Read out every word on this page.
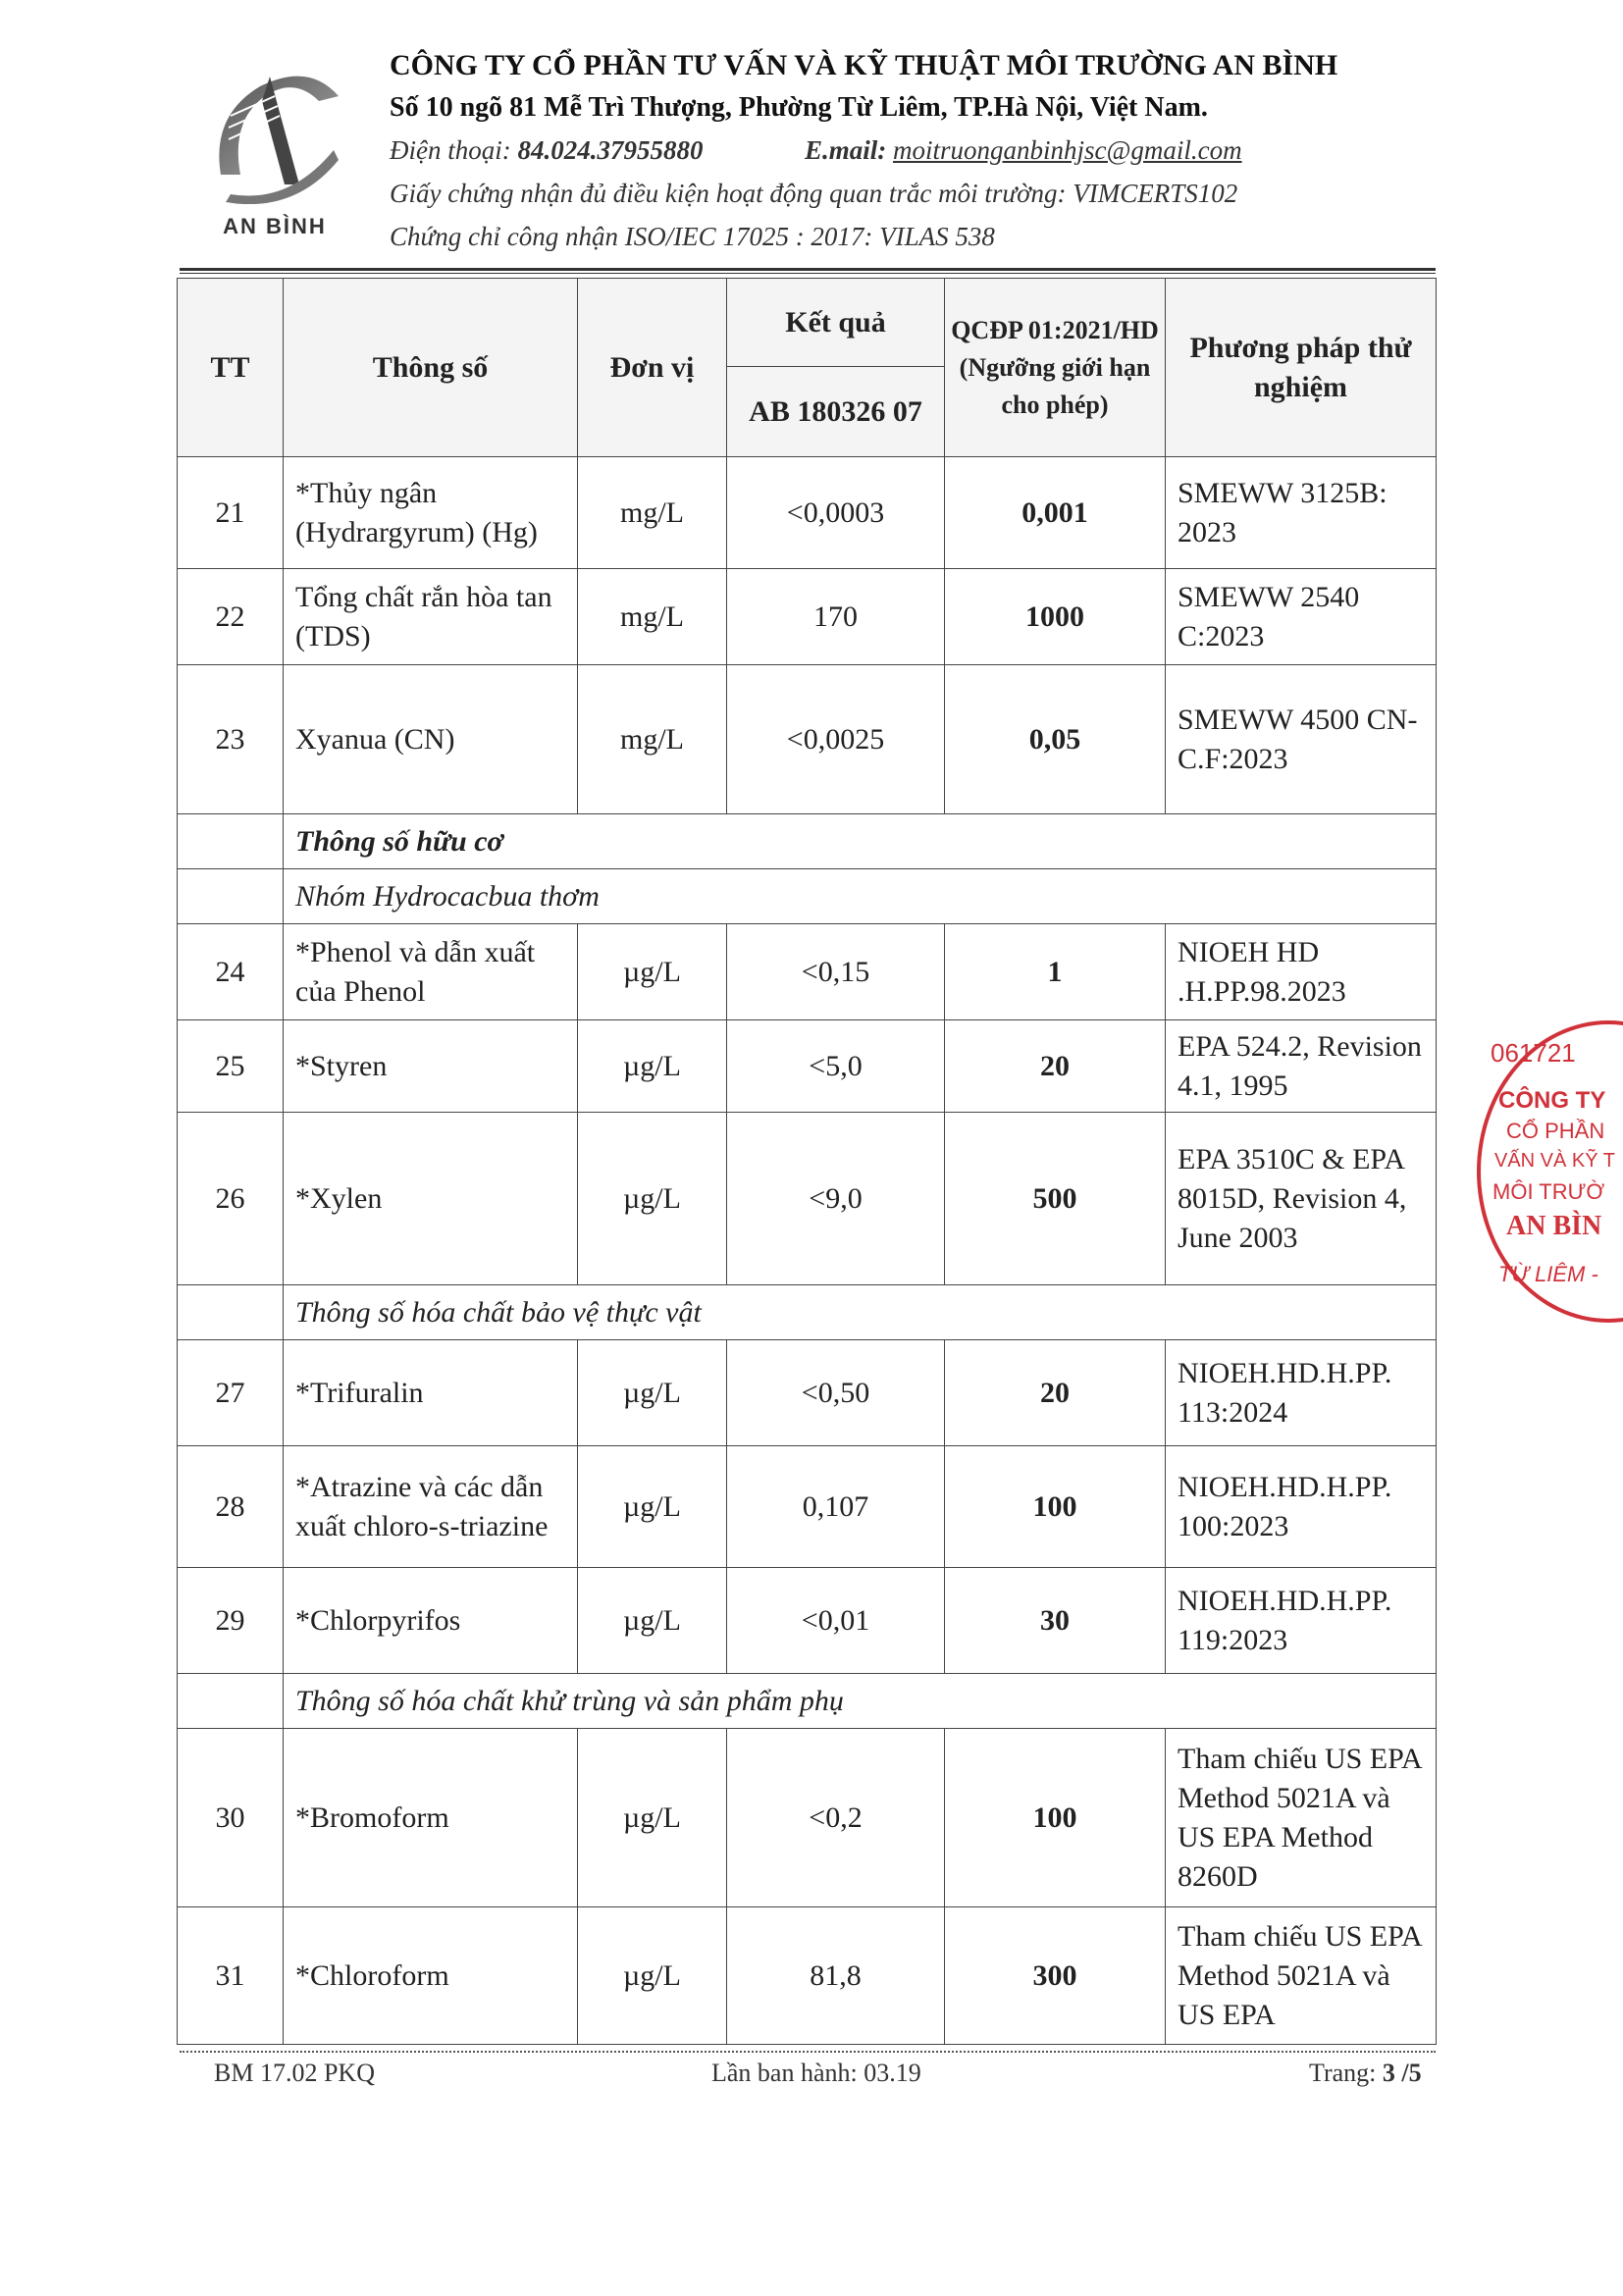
AN BÌNH
CÔNG TY CỔ PHẦN TƯ VẤN VÀ KỸ THUẬT MÔI TRƯỜNG AN BÌNH
Số 10 ngõ 81 Mễ Trì Thượng, Phường Từ Liêm, TP.Hà Nội, Việt Nam.
Điện thoại: 84.024.37955880	E.mail: moitruonganbinhjsc@gmail.com
Giấy chứng nhận đủ điều kiện hoạt động quan trắc môi trường: VIMCERTS102
Chứng chỉ công nhận ISO/IEC 17025 : 2017: VILAS 538
TT	Thông số	Đơn vị	Kết quả	QCĐP 01:2021/HD (Ngưỡng giới hạn cho phép)	Phương pháp thử nghiệm
			AB 180326 07		
21	*Thủy ngân (Hydrargyrum) (Hg)	mg/L	<0,0003	0,001	SMEWW 3125B: 2023
22	Tổng chất rắn hòa tan (TDS)	mg/L	170	1000	SMEWW 2540 C:2023
23	Xyanua (CN)	mg/L	<0,0025	0,05	SMEWW 4500 CN-C.F:2023
	Thông số hữu cơ				
	Nhóm Hydrocacbua thơm				
24	*Phenol và dẫn xuất của Phenol	µg/L	<0,15	1	NIOEH HD .H.PP.98.2023
25	*Styren	µg/L	<5,0	20	EPA 524.2, Revision 4.1, 1995
26	*Xylen	µg/L	<9,0	500	EPA 3510C & EPA 8015D, Revision 4, June 2003
	Thông số hóa chất bảo vệ thực vật				
27	*Trifuralin	µg/L	<0,50	20	NIOEH.HD.H.PP. 113:2024
28	*Atrazine và các dẫn xuất chloro-s-triazine	µg/L	0,107	100	NIOEH.HD.H.PP. 100:2023
29	*Chlorpyrifos	µg/L	<0,01	30	NIOEH.HD.H.PP. 119:2023
	Thông số hóa chất khử trùng và sản phẩm phụ				
30	*Bromoform	µg/L	<0,2	100	Tham chiếu US EPA Method 5021A và US EPA Method 8260D
31	*Chloroform	µg/L	81,8	300	Tham chiếu US EPA Method 5021A và US EPA
061721
CÔNG TY
CỔ PHẦN
VẤN VÀ KỸ T
MÔI TRƯỜ
AN BÌN
TỪ LIÊM -
BM 17.02 PKQ	Lần ban hành: 03.19	Trang: 3 /5
